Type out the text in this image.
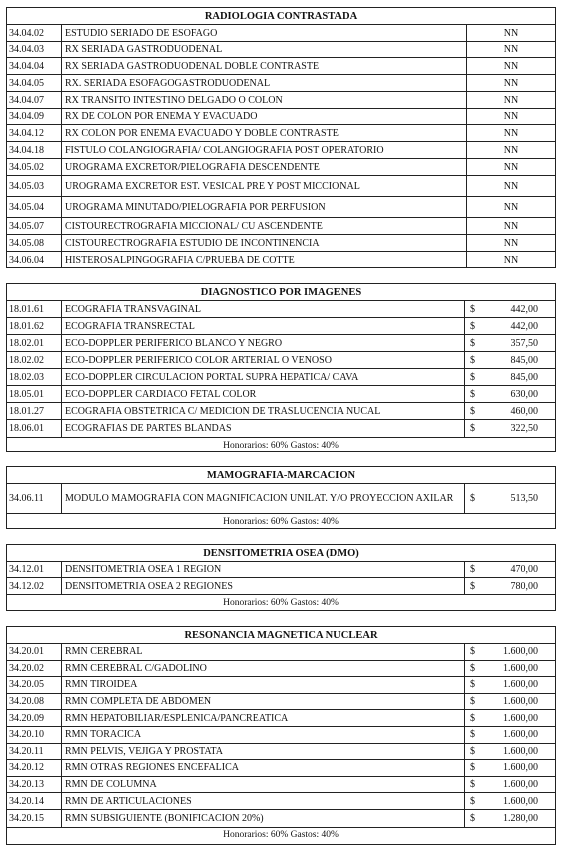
RADIOLOGIA CONTRASTADA
34.04.02	ESTUDIO SERIADO DE ESOFAGO	NN
34.04.03	RX SERIADA GASTRODUODENAL	NN
34.04.04	RX SERIADA GASTRODUODENAL DOBLE CONTRASTE	NN
34.04.05	RX. SERIADA ESOFAGOGASTRODUODENAL	NN
34.04.07	RX TRANSITO INTESTINO DELGADO O COLON	NN
34.04.09	RX DE COLON POR ENEMA Y EVACUADO	NN
34.04.12	RX COLON POR ENEMA EVACUADO Y DOBLE CONTRASTE	NN
34.04.18	FISTULO COLANGIOGRAFIA/ COLANGIOGRAFIA POST OPERATORIO	NN
34.05.02	UROGRAMA EXCRETOR/PIELOGRAFIA DESCENDENTE	NN
34.05.03	UROGRAMA EXCRETOR EST. VESICAL PRE Y POST MICCIONAL	NN
34.05.04	UROGRAMA MINUTADO/PIELOGRAFIA POR PERFUSION	NN
34.05.07	CISTOURECTROGRAFIA MICCIONAL/ CU ASCENDENTE	NN
34.05.08	CISTOURECTROGRAFIA ESTUDIO DE INCONTINENCIA	NN
34.06.04	HISTEROSALPINGOGRAFIA C/PRUEBA DE COTTE	NN
DIAGNOSTICO POR IMAGENES
18.01.61	ECOGRAFIA TRANSVAGINAL	$	442,00
18.01.62	ECOGRAFIA TRANSRECTAL	$	442,00
18.02.01	ECO-DOPPLER PERIFERICO BLANCO Y NEGRO	$	357,50
18.02.02	ECO-DOPPLER PERIFERICO COLOR ARTERIAL O VENOSO	$	845,00
18.02.03	ECO-DOPPLER CIRCULACION PORTAL SUPRA HEPATICA/ CAVA	$	845,00
18.05.01	ECO-DOPPLER CARDIACO FETAL COLOR	$	630,00
18.01.27	ECOGRAFIA OBSTETRICA C/ MEDICION DE TRASLUCENCIA NUCAL	$	460,00
18.06.01	ECOGRAFIAS DE PARTES BLANDAS	$	322,50
Honorarios: 60% Gastos: 40%
MAMOGRAFIA-MARCACION
34.06.11	MODULO MAMOGRAFIA CON MAGNIFICACION UNILAT. Y/O PROYECCION AXILAR	$	513,50
Honorarios: 60% Gastos: 40%
DENSITOMETRIA OSEA (DMO)
34.12.01	DENSITOMETRIA OSEA 1 REGION	$	470,00
34.12.02	DENSITOMETRIA OSEA 2 REGIONES	$	780,00
Honorarios: 60% Gastos: 40%
RESONANCIA MAGNETICA NUCLEAR
34.20.01	RMN CEREBRAL	$	1.600,00
34.20.02	RMN CEREBRAL C/GADOLINO	$	1.600,00
34.20.05	RMN TIROIDEA	$	1.600,00
34.20.08	RMN COMPLETA DE ABDOMEN	$	1.600,00
34.20.09	RMN HEPATOBILIAR/ESPLENICA/PANCREATICA	$	1.600,00
34.20.10	RMN TORACICA	$	1.600,00
34.20.11	RMN PELVIS, VEJIGA Y PROSTATA	$	1.600,00
34.20.12	RMN OTRAS REGIONES ENCEFALICA	$	1.600,00
34.20.13	RMN DE COLUMNA	$	1.600,00
34.20.14	RMN DE ARTICULACIONES	$	1.600,00
34.20.15	RMN SUBSIGUIENTE (BONIFICACION 20%)	$	1.280,00
Honorarios: 60% Gastos: 40%
